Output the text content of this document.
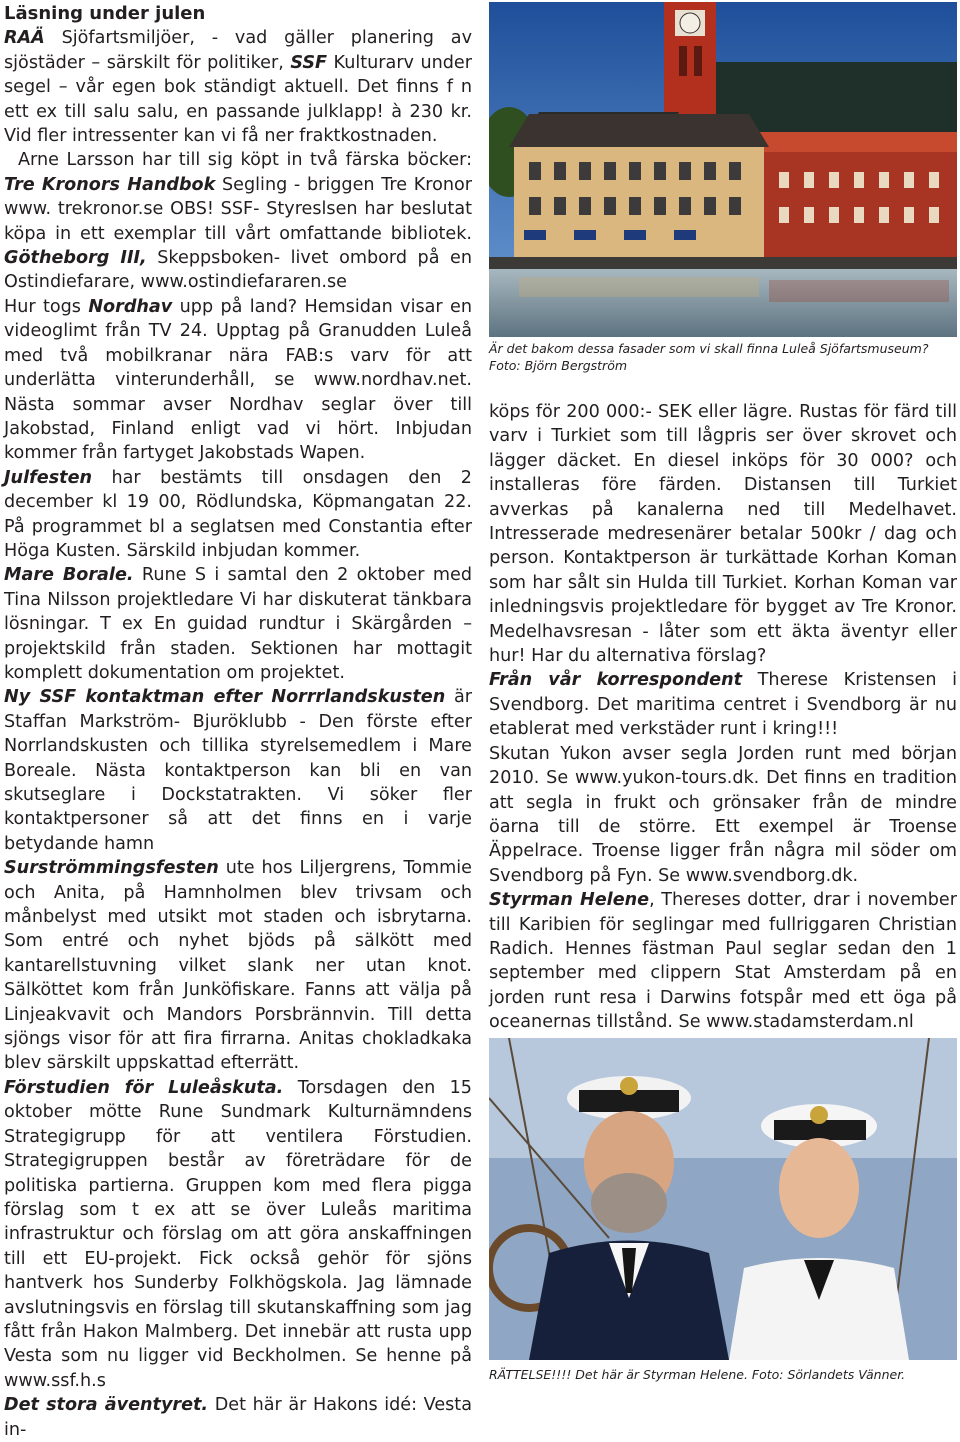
Läsning under julen

RAÄ Sjöfartsmiljöer, - vad gäller planering av sjöstäder – särskilt för politiker, SSF Kulturarv under segel – vår egen bok ständigt aktuell. Det finns f n ett ex till salu salu, en passande julklapp! à 230 kr. Vid fler intressenter kan vi få ner fraktkostnaden.

Arne Larsson har till sig köpt in två färska böcker: Tre Kronors Handbok Segling - briggen Tre Kronor www. trekronor.se OBS! SSF- Styreslsen har beslutat köpa in ett exemplar till vårt omfattande bibliotek. Götheborg III, Skeppsboken- livet ombord på en Ostindiefarare, www.ostindiefararen.se

Hur togs Nordhav upp på land? Hemsidan visar en videoglimt från TV 24. Upptag på Granudden Luleå med två mobilkranar nära FAB:s varv för att underlätta vinterunderhåll, se www.nordhav.net. Nästa sommar avser Nordhav seglar över till Jakobstad, Finland enligt vad vi hört. Inbjudan kommer från fartyget Jakobstads Wapen.

Julfesten har bestämts till onsdagen den 2 december kl 19 00, Rödlundska, Köpmangatan 22. På programmet bl a seglatsen med Constantia efter Höga Kusten. Särskild inbjudan kommer.

Mare Borale. Rune S i samtal den 2 oktober med Tina Nilsson projektledare Vi har diskuterat tänkbara lösningar. T ex En guidad rundtur i Skärgården – projektskild från staden. Sektionen har mottagit komplett dokumentation om projektet.

Ny SSF kontaktman efter Norrrlandskusten är Staffan Markström- Bjuröklubb - Den förste efter Norrlandskusten och tillika styrelsemedlem i Mare Boreale. Nästa kontaktperson kan bli en van skutseglare i Dockstatrakten. Vi söker fler kontaktpersoner så att det finns en i varje betydande hamn

Surströmmingsfesten ute hos Liljergrens, Tommie och Anita, på Hamnholmen blev trivsam och månbelyst med utsikt mot staden och isbrytarna. Som entré och nyhet bjöds på sälkött med kantarellstuvning vilket slank ner utan knot. Sälköttet kom från Junköfiskare. Fanns att välja på Linjeakvavit och Mandors Porsbrännvin. Till detta sjöngs visor för att fira firrarna. Anitas chokladkaka blev särskilt uppskattad efterrätt.

Förstudien för Luleåskuta. Torsdagen den 15 oktober mötte Rune Sundmark Kulturnämndens Strategigrupp för att ventilera Förstudien. Strategigruppen består av företrädare för de politiska partierna. Gruppen kom med flera pigga förslag som t ex att se över Luleås maritima infrastruktur och förslag om att göra anskaffningen till ett EU-projekt. Fick också gehör för sjöns hantverk hos Sunderby Folkhögskola. Jag lämnade avslutningsvis en förslag till skutanskaffning som jag fått från Hakon Malmberg. Det innebär att rusta upp Vesta som nu ligger vid Beckholmen. Se henne på www.ssf.h.s

Det stora äventyret. Det här är Hakons idé: Vesta in-

Är det bakom dessa fasader som vi skall finna Luleå Sjöfartsmuseum? Foto: Björn Bergström

köps för 200 000:- SEK eller lägre. Rustas för färd till varv i Turkiet som till lågpris ser över skrovet och lägger däcket. En diesel inköps för 30 000? och installeras före färden. Distansen till Turkiet avverkas på kanalerna ned till Medelhavet. Intresserade medresenärer betalar 500kr / dag och person. Kontaktperson är turkättade Korhan Koman som har sålt sin Hulda till Turkiet. Korhan Koman var inledningsvis projektledare för bygget av Tre Kronor. Medelhavsresan - låter som ett äkta äventyr eller hur! Har du alternativa förslag?

Från vår korrespondent Therese Kristensen i Svendborg. Det maritima centret i Svendborg är nu etablerat med verkstäder runt i kring!!!

Skutan Yukon avser segla Jorden runt med början 2010. Se www.yukon-tours.dk. Det finns en tradition att segla in frukt och grönsaker från de mindre öarna till de större. Ett exempel är Troense Äppelrace. Troense ligger från några mil söder om Svendborg på Fyn. Se www.svendborg.dk.

Styrman Helene, Thereses dotter, drar i november till Karibien för seglingar med fullriggaren Christian Radich. Hennes fästman Paul seglar sedan den 1 september med clippern Stat Amsterdam på en jorden runt resa i Darwins fotspår med ett öga på oceanernas tillstånd. Se www.stadamsterdam.nl

RÄTTELSE!!!! Det här är Styrman Helene. Foto: Sörlandets Vänner.
